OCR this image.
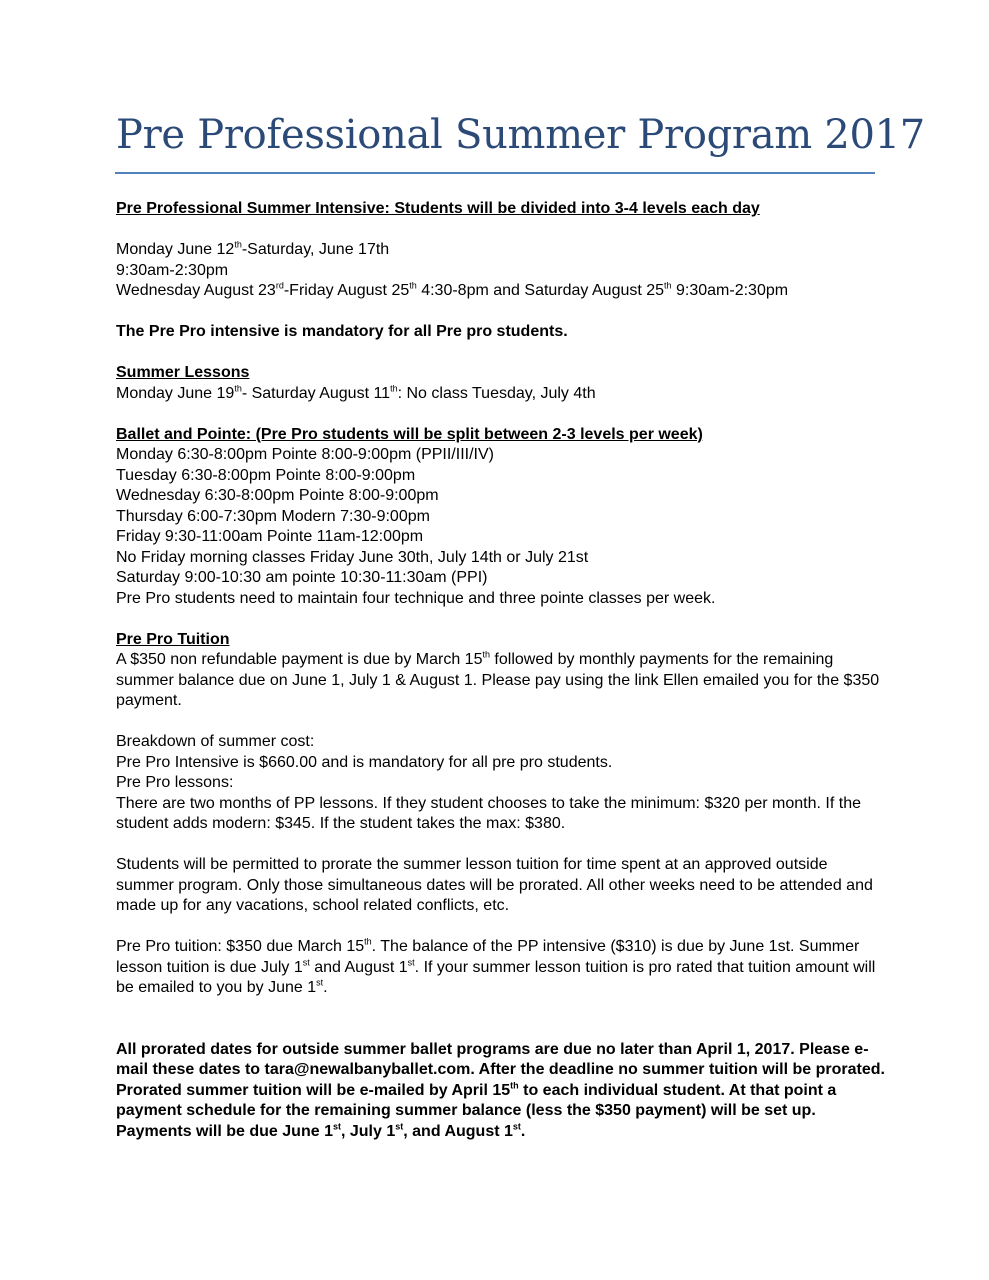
Pre Professional Summer Program 2017
Pre Professional Summer Intensive: Students will be divided into 3-4 levels each day
Monday June 12th-Saturday, June 17th
9:30am-2:30pm
Wednesday August 23rd-Friday August 25th 4:30-8pm and Saturday August 25th 9:30am-2:30pm
The Pre Pro intensive is mandatory for all Pre pro students.
Summer Lessons
Monday June 19th- Saturday August 11th: No class Tuesday, July 4th
Ballet and Pointe: (Pre Pro students will be split between 2-3 levels per week)
Monday 6:30-8:00pm Pointe 8:00-9:00pm (PPII/III/IV)
Tuesday 6:30-8:00pm Pointe 8:00-9:00pm
Wednesday 6:30-8:00pm Pointe 8:00-9:00pm
Thursday 6:00-7:30pm Modern 7:30-9:00pm
Friday 9:30-11:00am Pointe 11am-12:00pm
No Friday morning classes Friday June 30th, July 14th or July 21st
Saturday 9:00-10:30 am pointe 10:30-11:30am (PPI)
Pre Pro students need to maintain four technique and three pointe classes per week.
Pre Pro Tuition
A $350 non refundable payment is due by March 15th followed by monthly payments for the remaining summer balance due on June 1, July 1 & August 1. Please pay using the link Ellen emailed you for the $350 payment.
Breakdown of summer cost:
Pre Pro Intensive is $660.00 and is mandatory for all pre pro students.
Pre Pro lessons:
There are two months of PP lessons. If they student chooses to take the minimum: $320 per month. If the student adds modern: $345. If the student takes the max: $380.
Students will be permitted to prorate the summer lesson tuition for time spent at an approved outside summer program. Only those simultaneous dates will be prorated. All other weeks need to be attended and made up for any vacations, school related conflicts, etc.
Pre Pro tuition: $350 due March 15th. The balance of the PP intensive ($310) is due by June 1st. Summer lesson tuition is due July 1st and August 1st. If your summer lesson tuition is pro rated that tuition amount will be emailed to you by June 1st.
All prorated dates for outside summer ballet programs are due no later than April 1, 2017. Please e-mail these dates to tara@newalbanyballet.com. After the deadline no summer tuition will be prorated. Prorated summer tuition will be e-mailed by April 15th to each individual student. At that point a payment schedule for the remaining summer balance (less the $350 payment) will be set up. Payments will be due June 1st, July 1st, and August 1st.
